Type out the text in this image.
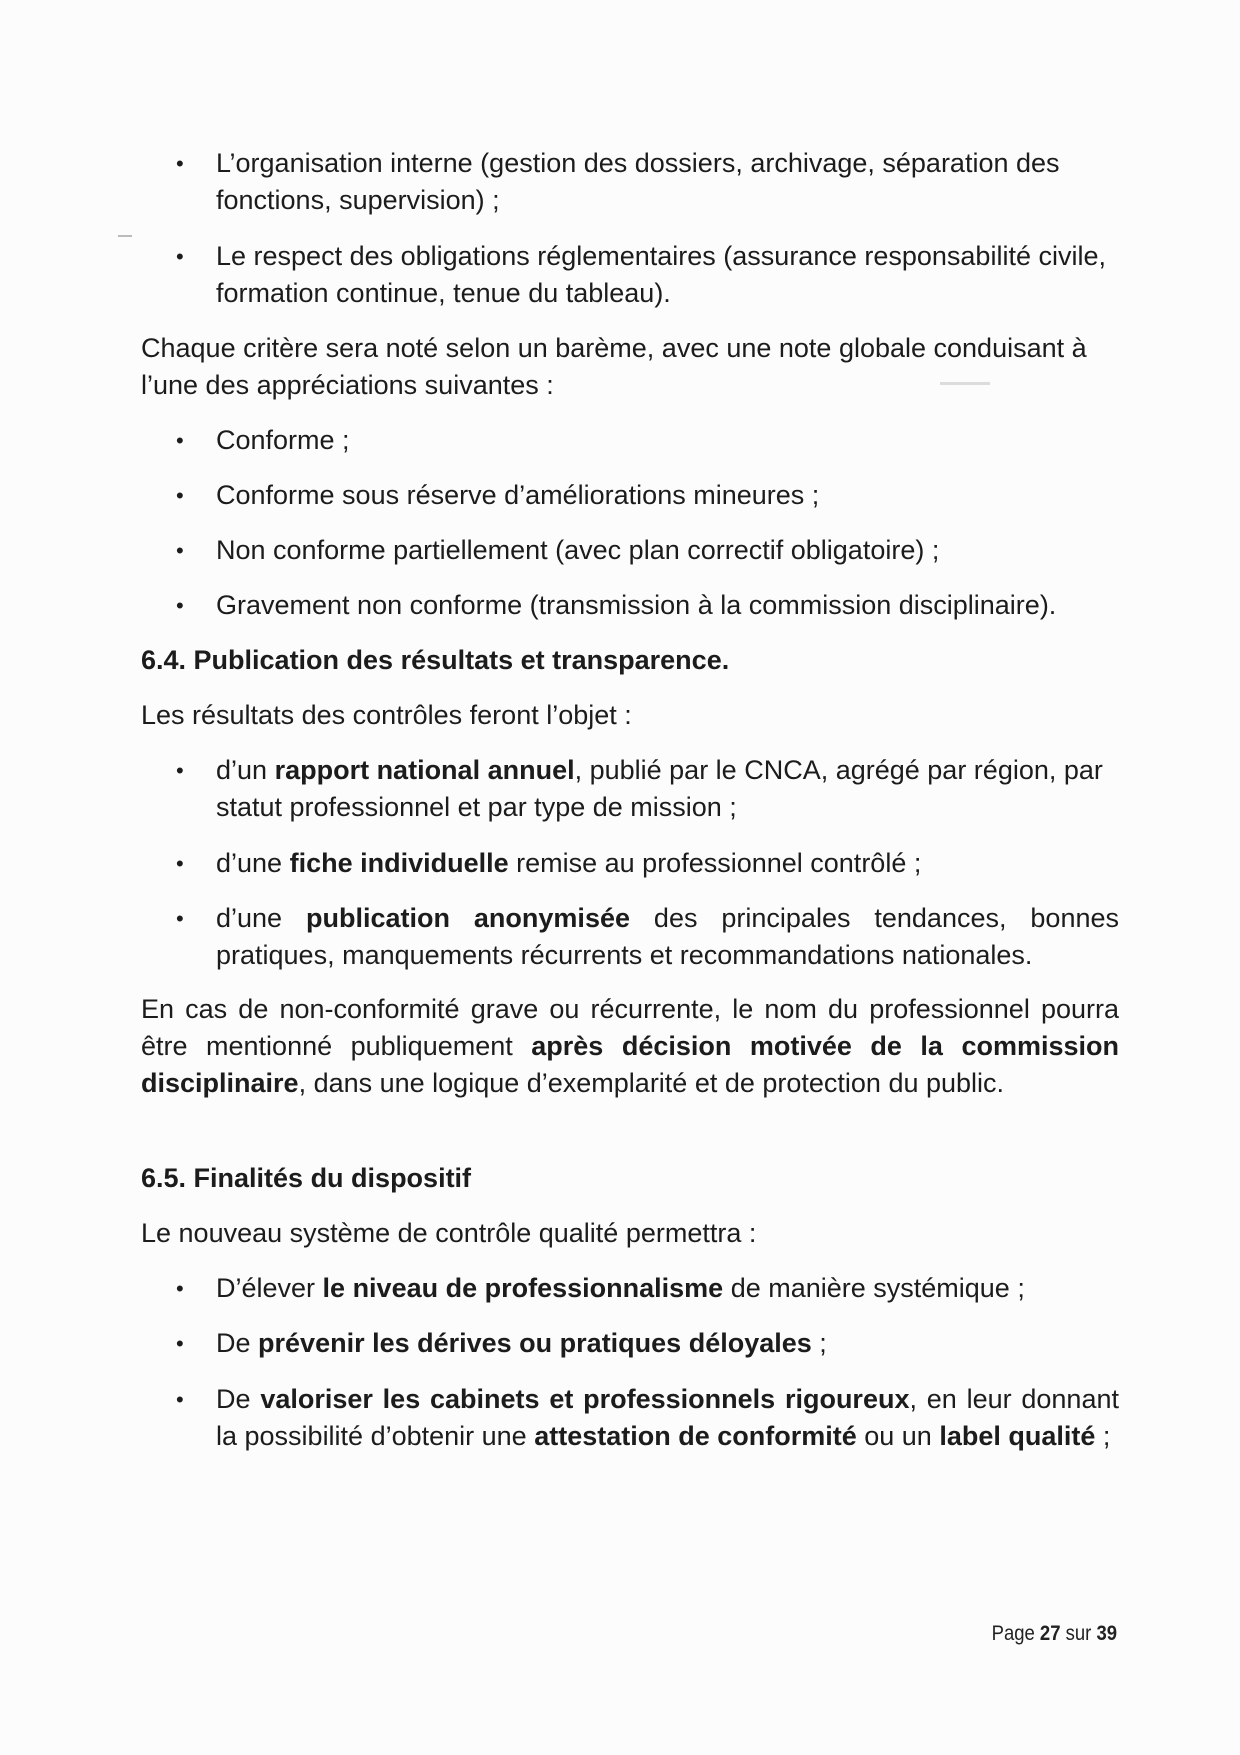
•	L’organisation interne (gestion des dossiers, archivage, séparation des fonctions, supervision) ;
•	Le respect des obligations réglementaires (assurance responsabilité civile, formation continue, tenue du tableau).
Chaque critère sera noté selon un barème, avec une note globale conduisant à l’une des appréciations suivantes :
•	Conforme ;
•	Conforme sous réserve d’améliorations mineures ;
•	Non conforme partiellement (avec plan correctif obligatoire) ;
•	Gravement non conforme (transmission à la commission disciplinaire).
6.4. Publication des résultats et transparence.
Les résultats des contrôles feront l’objet :
•	d’un rapport national annuel, publié par le CNCA, agrégé par région, par statut professionnel et par type de mission ;
•	d’une fiche individuelle remise au professionnel contrôlé ;
•	d’une publication anonymisée des principales tendances, bonnes pratiques, manquements récurrents et recommandations nationales.
En cas de non-conformité grave ou récurrente, le nom du professionnel pourra être mentionné publiquement après décision motivée de la commission disciplinaire, dans une logique d’exemplarité et de protection du public.
6.5. Finalités du dispositif
Le nouveau système de contrôle qualité permettra :
•	D’élever le niveau de professionnalisme de manière systémique ;
•	De prévenir les dérives ou pratiques déloyales ;
•	De valoriser les cabinets et professionnels rigoureux, en leur donnant la possibilité d’obtenir une attestation de conformité ou un label qualité ;
Page 27 sur 39
